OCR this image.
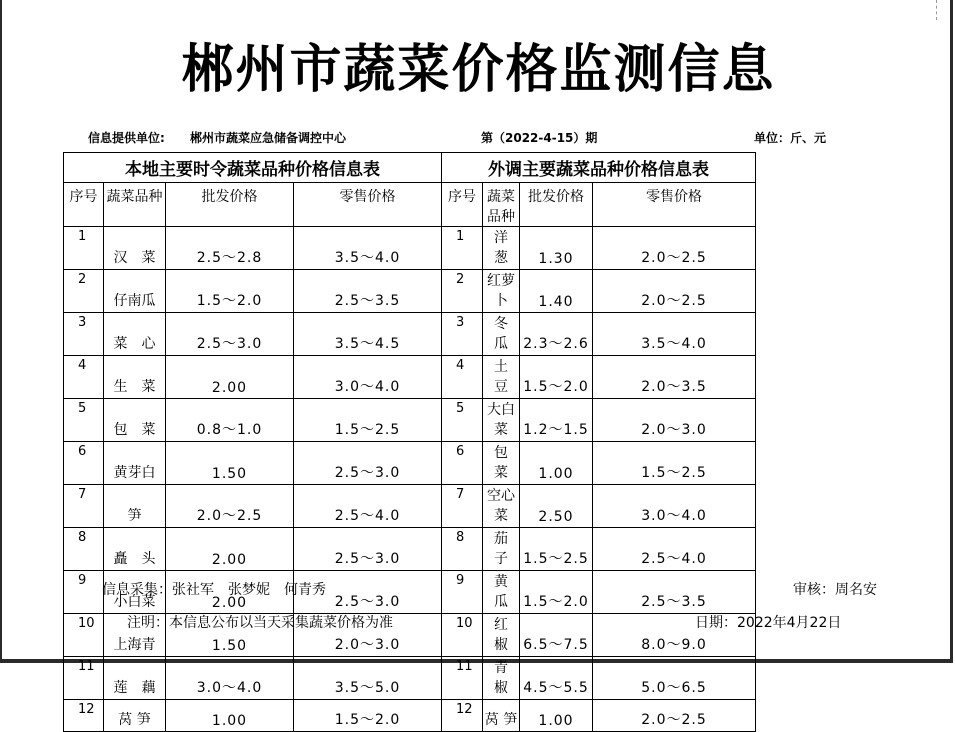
郴州市蔬菜价格监测信息
信息提供单位: 郴州市蔬菜应急储备调控中心	第（2022-4-15）期	单位：斤、元
本地主要时令蔬菜品种价格信息表				外调主要蔬菜品种价格信息表			
序号	蔬菜品种	批发价格	零售价格	序号	蔬菜品种	批发价格	零售价格
1	汉　菜	2.5～2.8	3.5～4.0	1	洋　葱	1.30	2.0～2.5
2	仔南瓜	1.5～2.0	2.5～3.5	2	红萝卜	1.40	2.0～2.5
3	菜　心	2.5～3.0	3.5～4.5	3	冬　瓜	2.3～2.6	3.5～4.0
4	生　菜	2.00	3.0～4.0	4	土　豆	1.5～2.0	2.0～3.5
5	包　菜	0.8～1.0	1.5～2.5	5	大白菜	1.2～1.5	2.0～3.0
6	黄芽白	1.50	2.5～3.0	6	包　菜	1.00	1.5～2.5
7	笋	2.0～2.5	2.5～4.0	7	空心菜	2.50	3.0～4.0
8	矗　头	2.00	2.5～3.0	8	茄　子	1.5～2.5	2.5～4.0
9	小白菜	2.00	2.5～3.0	9	黄　瓜	1.5～2.0	2.5～3.5
10	上海青	1.50	2.0～3.0	10	红　椒	6.5～7.5	8.0～9.0
11	莲　藕	3.0～4.0	3.5～5.0	11	青　椒	4.5～5.5	5.0～6.5
12	莴 笋	1.00	1.5～2.0	12	莴 笋	1.00	2.0～2.5
信息采集：张社军　张梦妮　何青秀	审核：周名安
注明：本信息公布以当天采集蔬菜价格为准	日期：2022年4月22日
